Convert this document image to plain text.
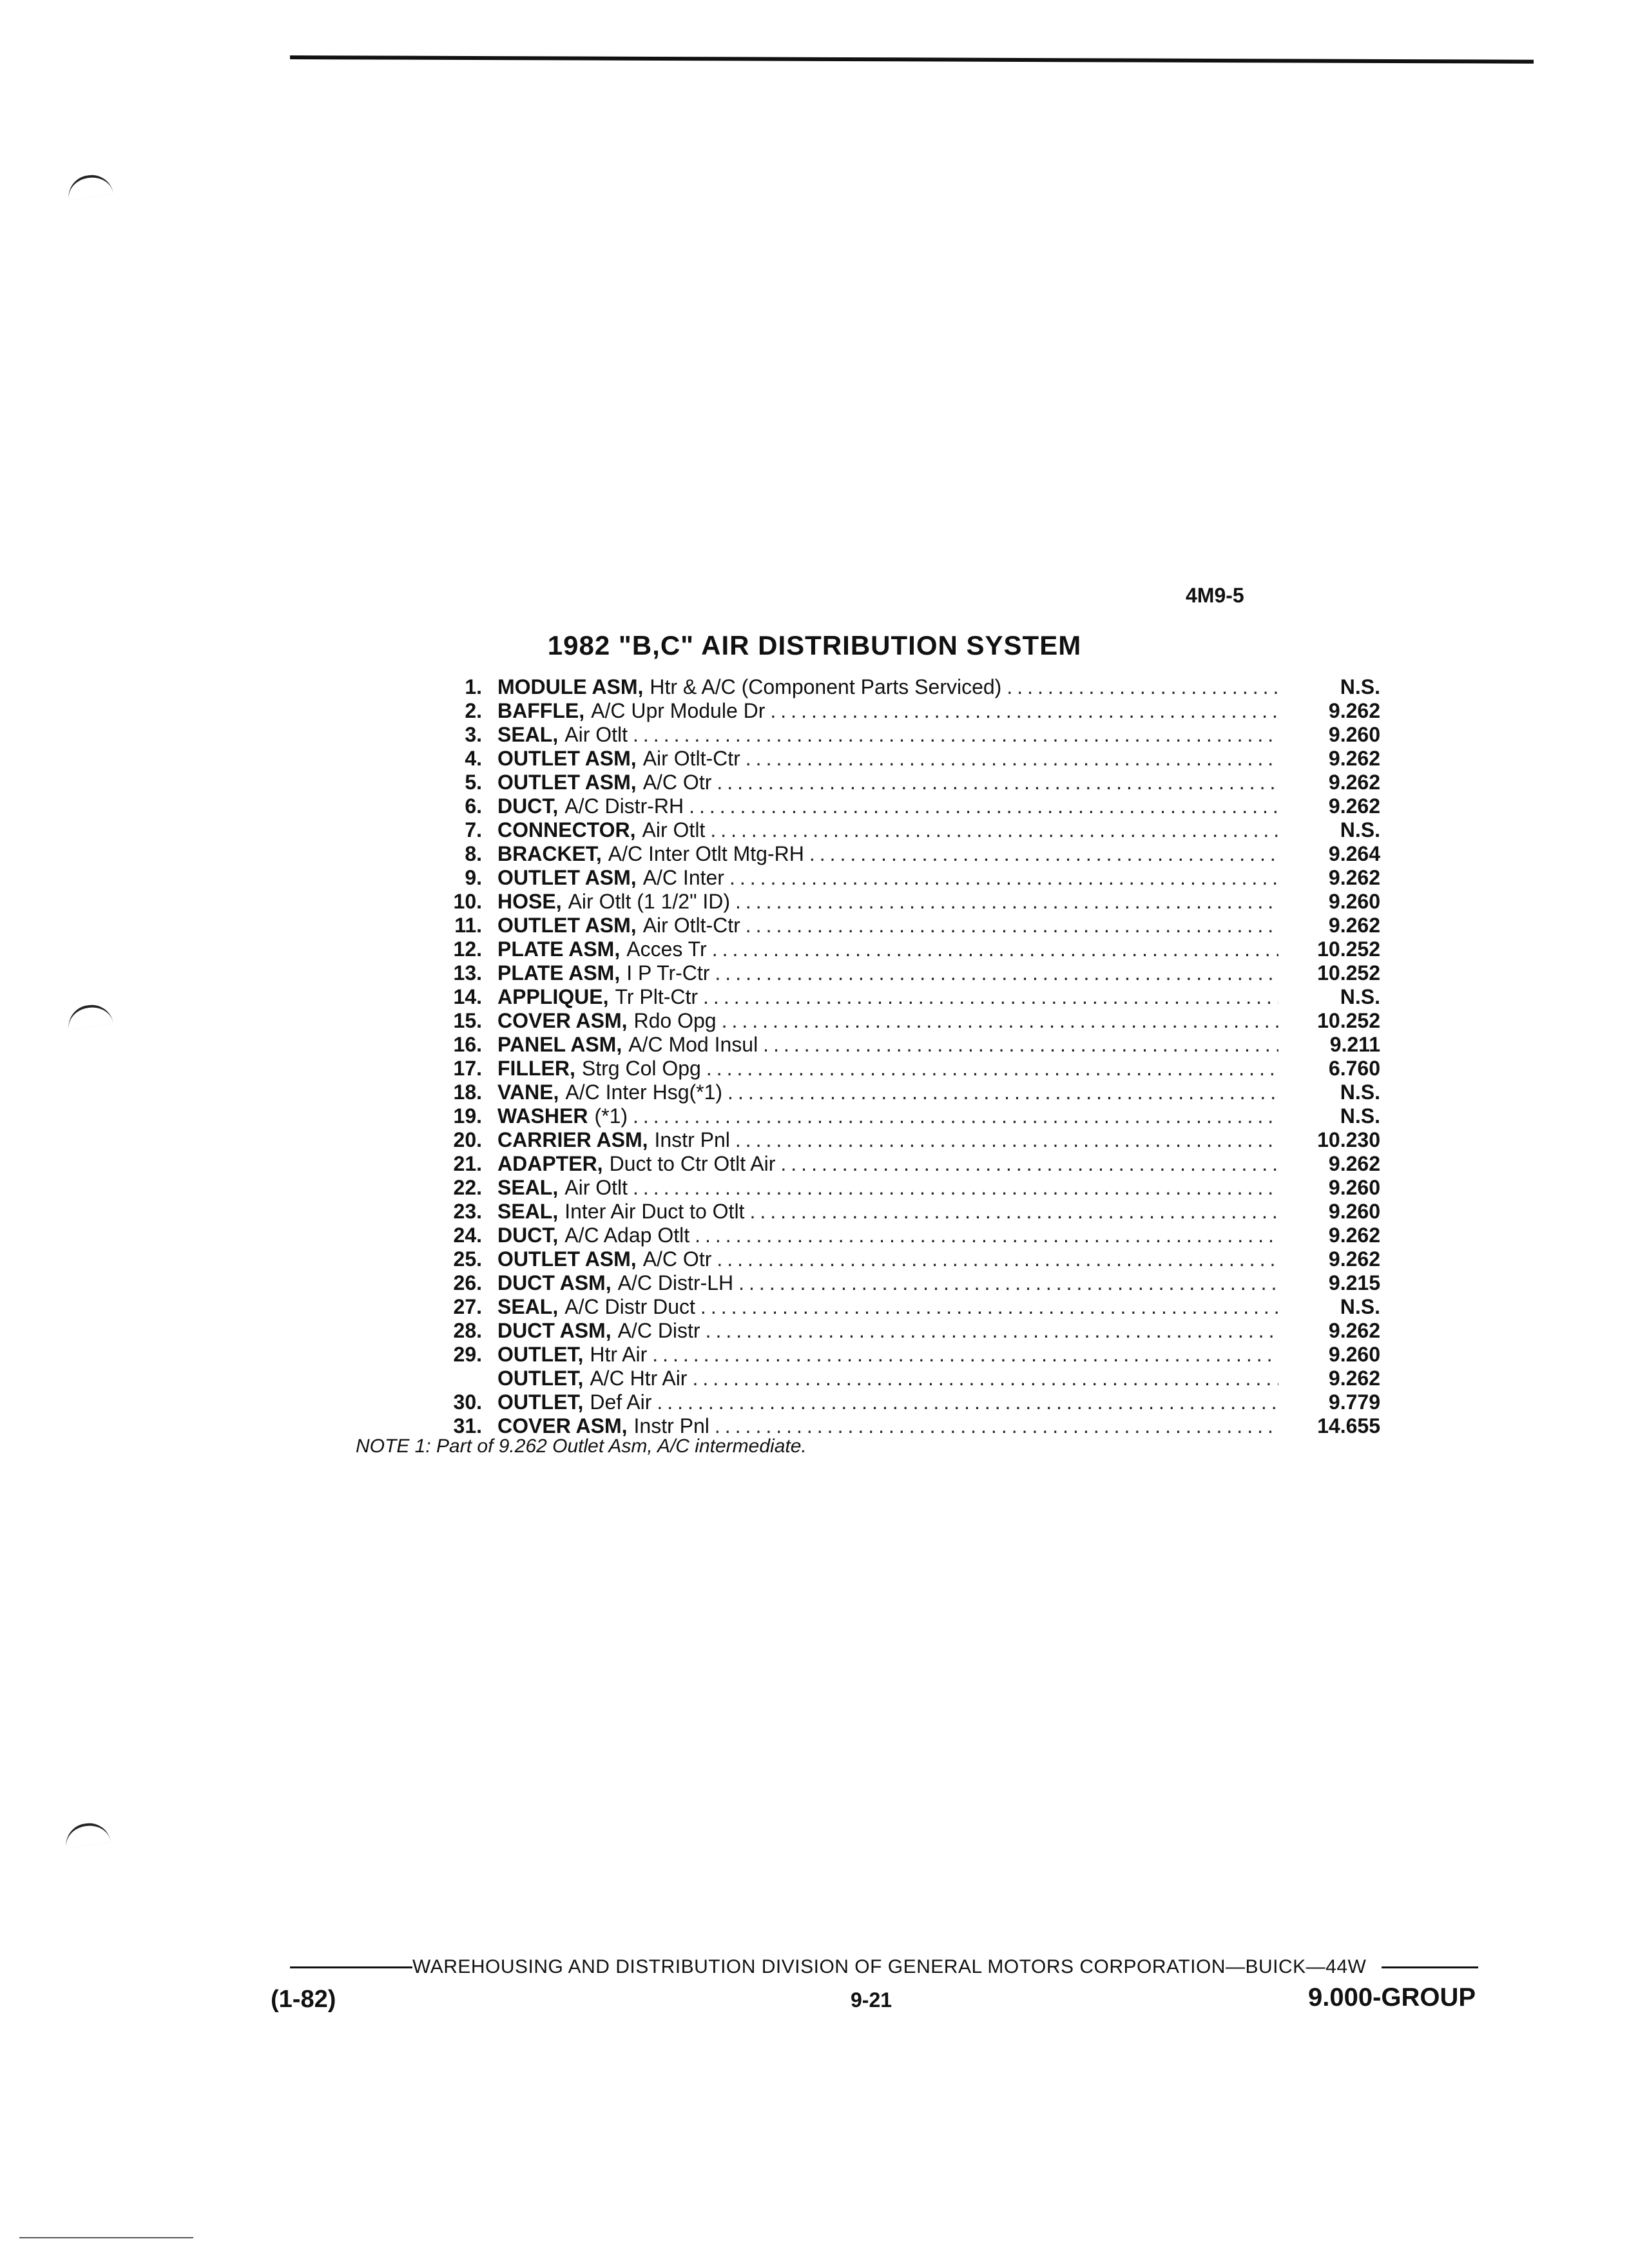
4M9-5
1982 "B,C" AIR DISTRIBUTION SYSTEM
1. MODULE ASM, Htr & A/C (Component Parts Serviced) .....	N.S.
2. BAFFLE, A/C Upr Module Dr .....	9.262
3. SEAL, Air Otlt .....	9.260
4. OUTLET ASM, Air Otlt-Ctr .....	9.262
5. OUTLET ASM, A/C Otr .....	9.262
6. DUCT, A/C Distr-RH .....	9.262
7. CONNECTOR, Air Otlt .....	N.S.
8. BRACKET, A/C Inter Otlt Mtg-RH .....	9.264
9. OUTLET ASM, A/C Inter .....	9.262
10. HOSE, Air Otlt (1 1/2" ID) .....	9.260
11. OUTLET ASM, Air Otlt-Ctr .....	9.262
12. PLATE ASM, Acces Tr .....	10.252
13. PLATE ASM, I P Tr-Ctr .....	10.252
14. APPLIQUE, Tr Plt-Ctr .....	N.S.
15. COVER ASM, Rdo Opg .....	10.252
16. PANEL ASM, A/C Mod Insul .....	9.211
17. FILLER, Strg Col Opg .....	6.760
18. VANE, A/C Inter Hsg(*1) .....	N.S.
19. WASHER (*1) .....	N.S.
20. CARRIER ASM, Instr Pnl .....	10.230
21. ADAPTER, Duct to Ctr Otlt Air .....	9.262
22. SEAL, Air Otlt .....	9.260
23. SEAL, Inter Air Duct to Otlt .....	9.260
24. DUCT, A/C Adap Otlt .....	9.262
25. OUTLET ASM, A/C Otr .....	9.262
26. DUCT ASM, A/C Distr-LH .....	9.215
27. SEAL, A/C Distr Duct .....	N.S.
28. DUCT ASM, A/C Distr .....	9.262
29. OUTLET, Htr Air .....	9.260
OUTLET, A/C Htr Air .....	9.262
30. OUTLET, Def Air .....	9.779
31. COVER ASM, Instr Pnl .....	14.655
NOTE 1: Part of 9.262 Outlet Asm, A/C intermediate.
WAREHOUSING AND DISTRIBUTION DIVISION OF GENERAL MOTORS CORPORATION—BUICK—44W
(1-82)	9-21	9.000-GROUP
